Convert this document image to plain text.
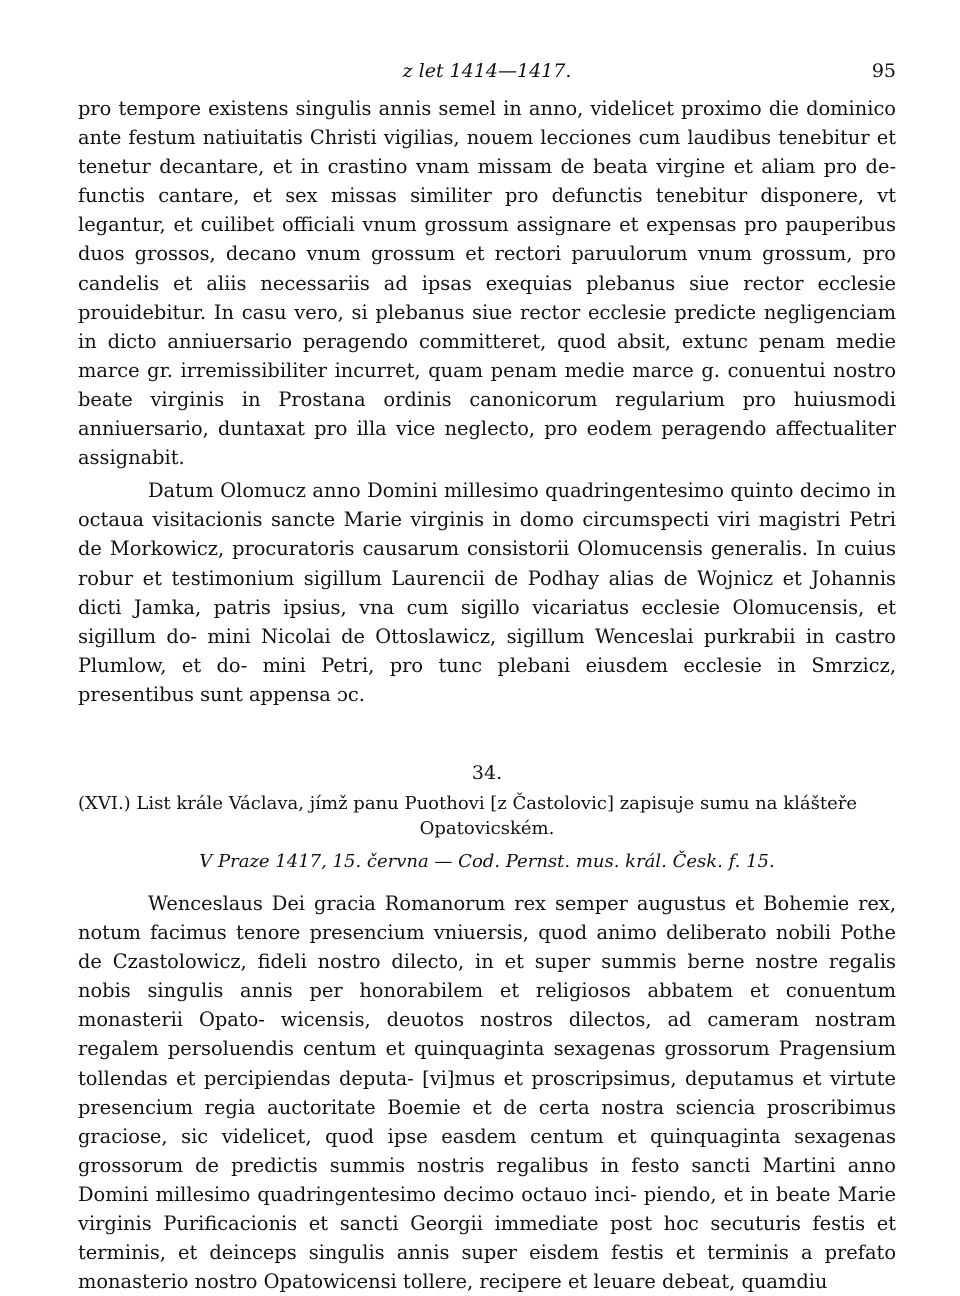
z let 1414—1417.	95

pro tempore existens singulis annis semel in anno, videlicet proximo die dominico ante festum natiuitatis Christi vigilias, nouem lecciones cum laudibus tenebitur et tenetur decantare, et in crastino vnam missam de beata virgine et aliam pro de- functis cantare, et sex missas similiter pro defunctis tenebitur disponere, vt legantur, et cuilibet officiali vnum grossum assignare et expensas pro pauperibus duos grossos, decano vnum grossum et rectori paruulorum vnum grossum, pro candelis et aliis necessariis ad ipsas exequias plebanus siue rector ecclesie prouidebitur. In casu vero, si plebanus siue rector ecclesie predicte negligenciam in dicto anniuersario peragendo committeret, quod absit, extunc penam medie marce gr. irremissibiliter incurret, quam penam medie marce g. conuentui nostro beate virginis in Prostana ordinis canonicorum regularium pro huiusmodi anniuersario, duntaxat pro illa vice neglecto, pro eodem peragendo affectualiter assignabit.

Datum Olomucz anno Domini millesimo quadringentesimo quinto decimo in octaua visitacionis sancte Marie virginis in domo circumspecti viri magistri Petri de Morkowicz, procuratoris causarum consistorii Olomucensis generalis. In cuius robur et testimonium sigillum Laurencii de Podhay alias de Wojnicz et Johannis dicti Jamka, patris ipsius, vna cum sigillo vicariatus ecclesie Olomucensis, et sigillum do- mini Nicolai de Ottoslawicz, sigillum Wenceslai purkrabii in castro Plumlow, et do- mini Petri, pro tunc plebani eiusdem ecclesie in Smrzicz, presentibus sunt appensa ɔc.

34.

(XVI.) List krále Václava, jímž panu Puothovi [z Častolovic] zapisuje sumu na klášteře

Opatovicském.

V Praze 1417, 15. června — Cod. Pernst. mus. král. Česk. f. 15.

Wenceslaus Dei gracia Romanorum rex semper augustus et Bohemie rex, notum facimus tenore presencium vniuersis, quod animo deliberato nobili Pothe de Czastolowicz, fideli nostro dilecto, in et super summis berne nostre regalis nobis singulis annis per honorabilem et religiosos abbatem et conuentum monasterii Opato- wicensis, deuotos nostros dilectos, ad cameram nostram regalem persoluendis centum et quinquaginta sexagenas grossorum Pragensium tollendas et percipiendas deputa- [vi]mus et proscripsimus, deputamus et virtute presencium regia auctoritate Boemie et de certa nostra sciencia proscribimus graciose, sic videlicet, quod ipse easdem centum et quinquaginta sexagenas grossorum de predictis summis nostris regalibus in festo sancti Martini anno Domini millesimo quadringentesimo decimo octauo inci- piendo, et in beate Marie virginis Purificacionis et sancti Georgii immediate post hoc secuturis festis et terminis, et deinceps singulis annis super eisdem festis et terminis a prefato monasterio nostro Opatowicensi tollere, recipere et leuare debeat, quamdiu
